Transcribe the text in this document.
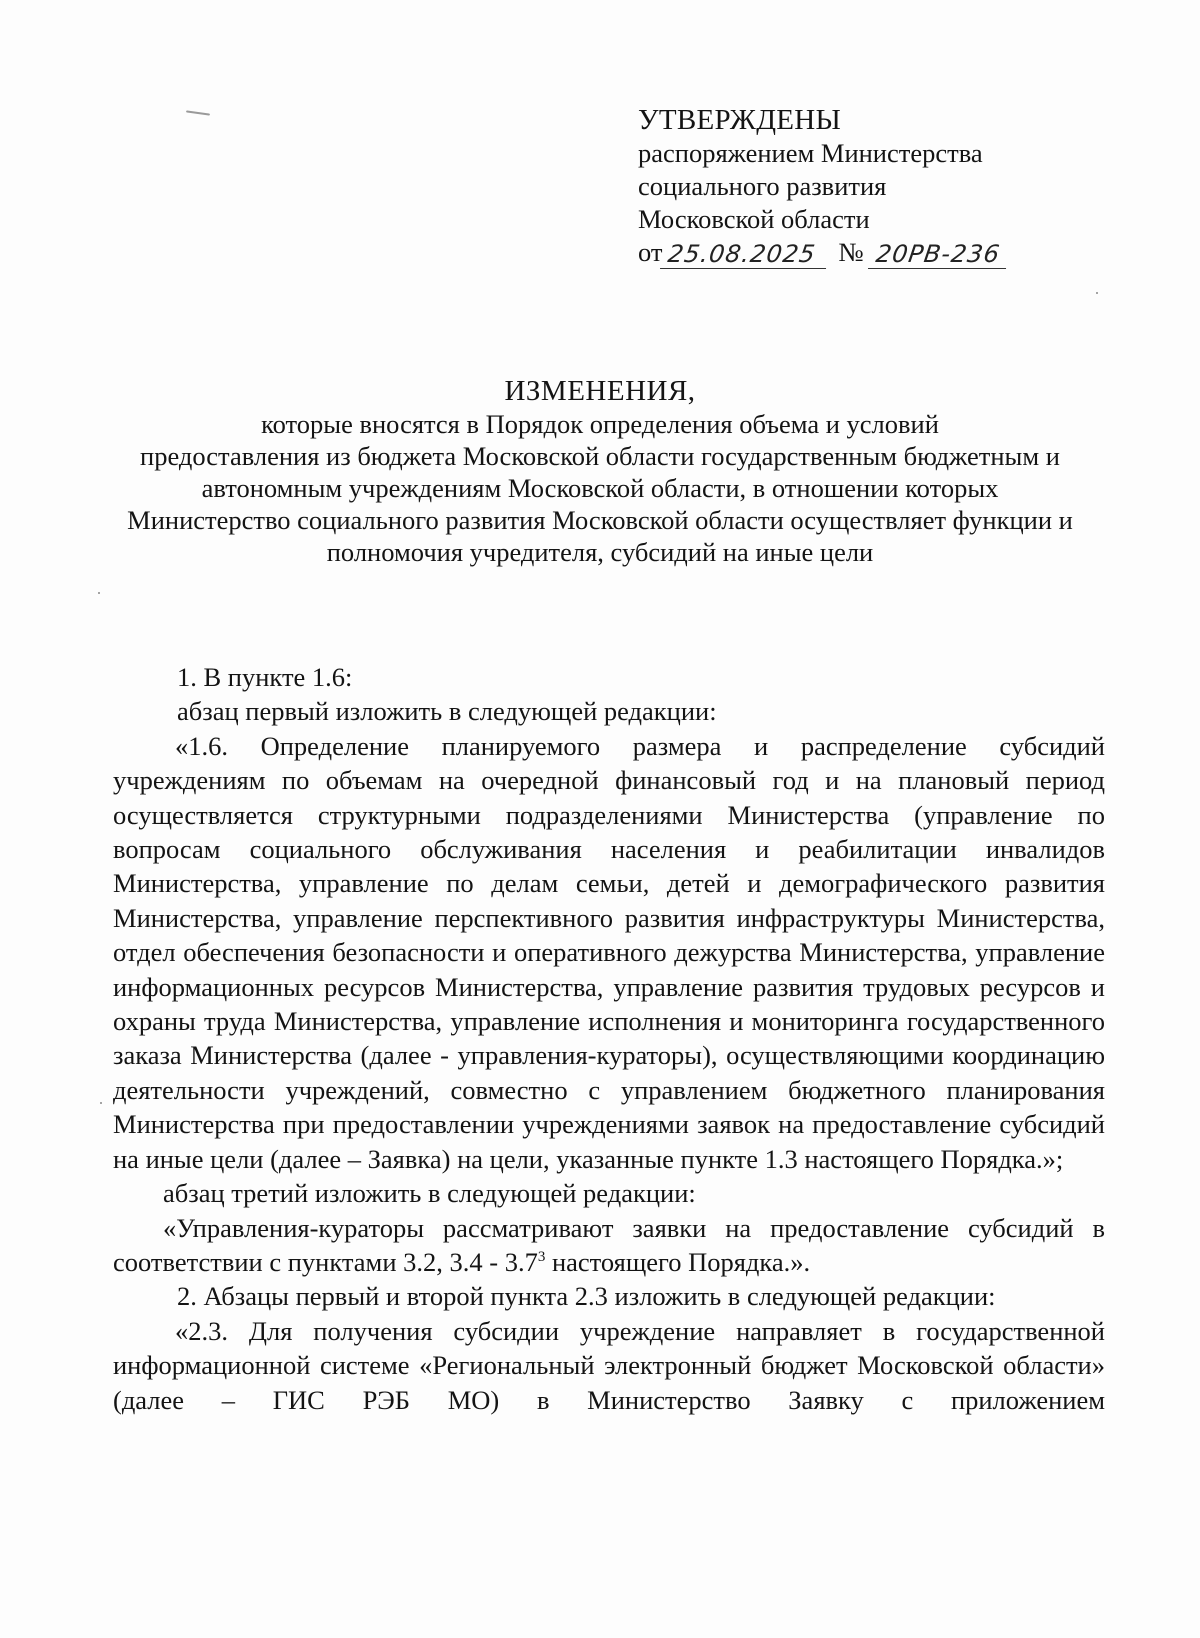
УТВЕРЖДЕНЫ
распоряжением Министерства
социального развития
Московской области
от 25.08.2025 № 20РВ-236
ИЗМЕНЕНИЯ,
которые вносятся в Порядок определения объема и условий
предоставления из бюджета Московской области государственным бюджетным и
автономным учреждениям Московской области, в отношении которых
Министерство социального развития Московской области осуществляет функции и
полномочия учредителя, субсидий на иные цели

1. В пункте 1.6:

абзац первый изложить в следующей редакции:

«1.6. Определение планируемого размера и распределение субсидий учреждениям по объемам на очередной финансовый год и на плановый период осуществляется структурными подразделениями Министерства (управление по вопросам социального обслуживания населения и реабилитации инвалидов Министерства, управление по делам семьи, детей и демографического развития Министерства, управление перспективного развития инфраструктуры Министерства, отдел обеспечения безопасности и оперативного дежурства Министерства, управление информационных ресурсов Министерства, управление развития трудовых ресурсов и охраны труда Министерства, управление исполнения и мониторинга государственного заказа Министерства (далее - управления-кураторы), осуществляющими координацию деятельности учреждений, совместно с управлением бюджетного планирования Министерства при предоставлении учреждениями заявок на предоставление субсидий на иные цели (далее – Заявка) на цели, указанные пункте 1.3 настоящего Порядка.»;

абзац третий изложить в следующей редакции:

«Управления-кураторы рассматривают заявки на предоставление субсидий в соответствии с пунктами 3.2, $3.4 - 3.7^3$ настоящего Порядка.».

2. Абзацы первый и второй пункта 2.3 изложить в следующей редакции:

«2.3. Для получения субсидии учреждение направляет в государственной информационной системе «Региональный электронный бюджет Московской области» (далее – ГИС РЭБ МО) в Министерство Заявку с приложением
